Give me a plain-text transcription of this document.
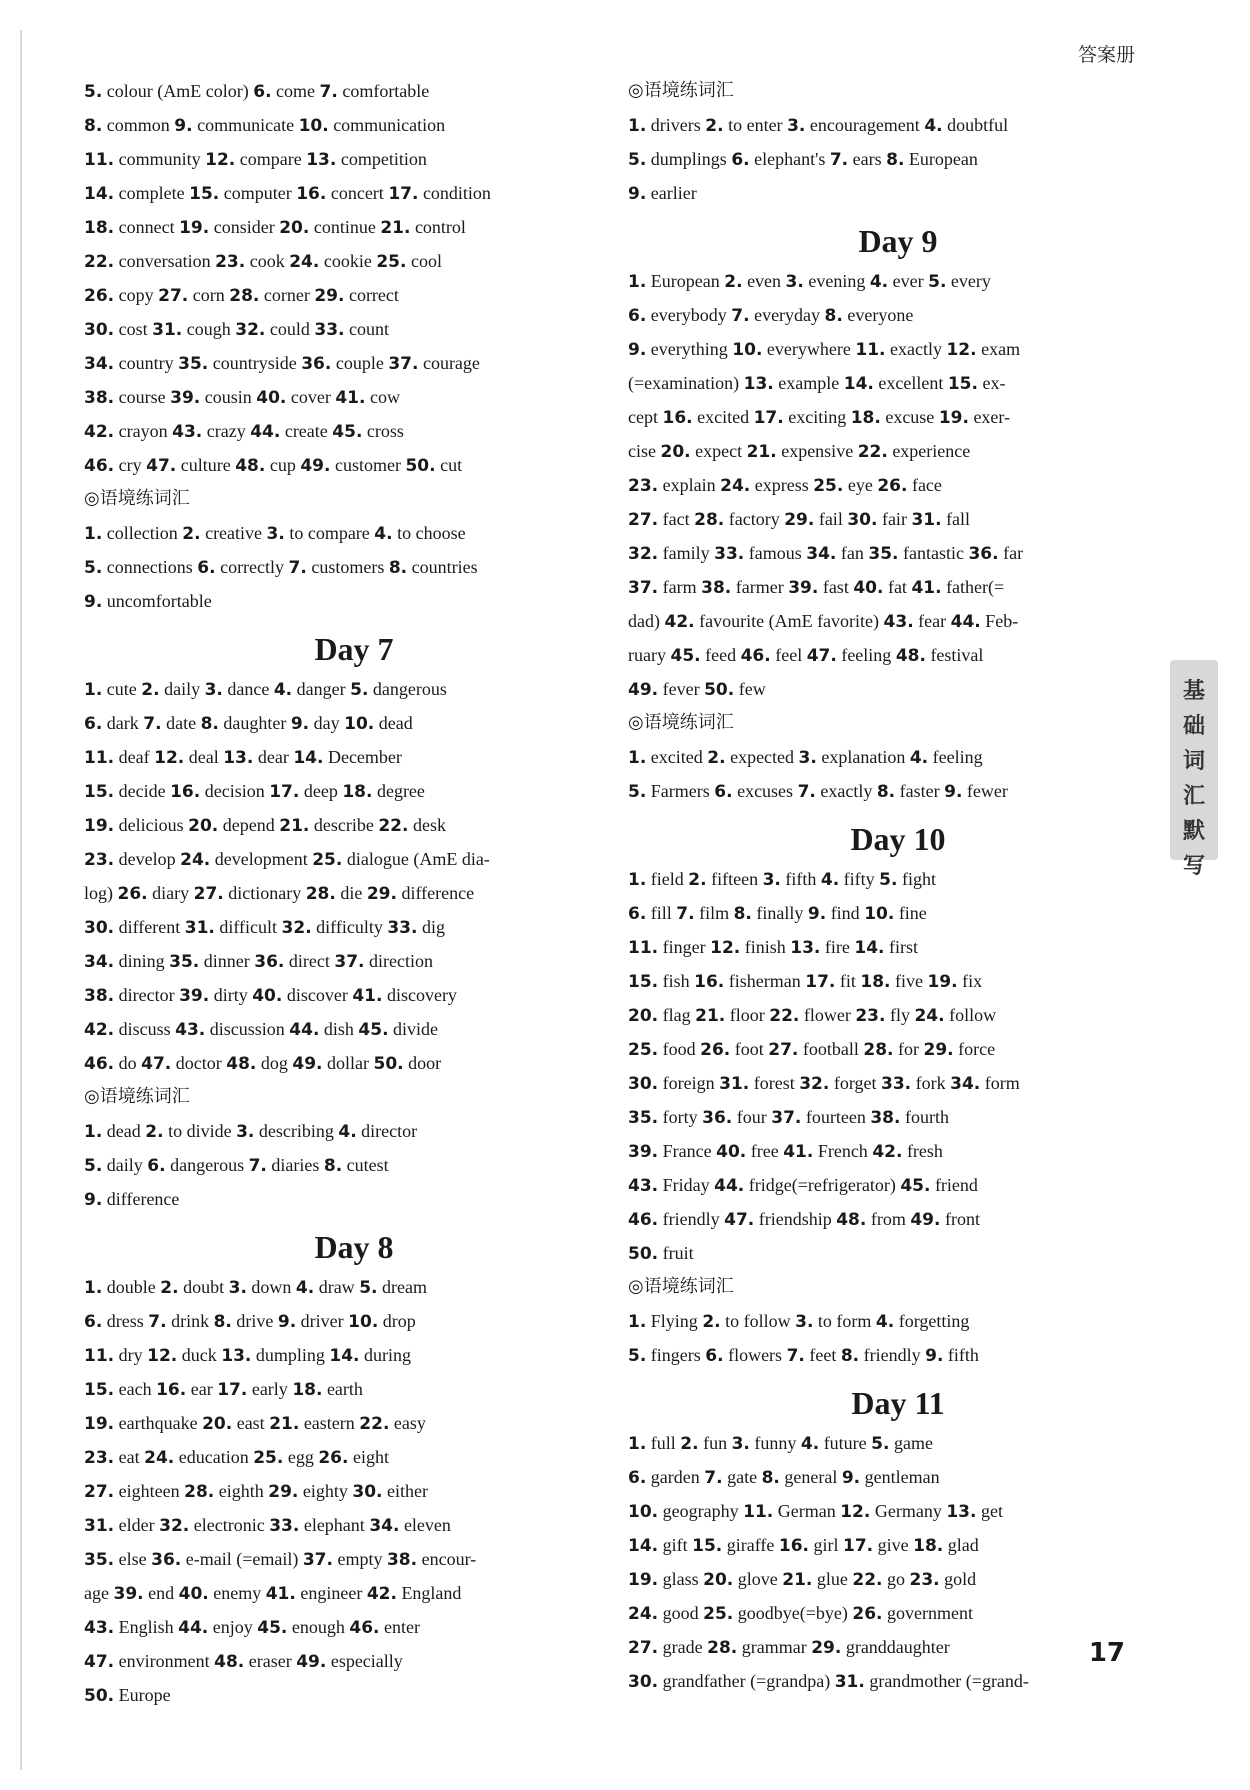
答案册
5. colour (AmE color) 6. come 7. comfortable
8. common 9. communicate 10. communication
11. community 12. compare 13. competition
14. complete 15. computer 16. concert 17. condition
18. connect 19. consider 20. continue 21. control
22. conversation 23. cook 24. cookie 25. cool
26. copy 27. corn 28. corner 29. correct
30. cost 31. cough 32. could 33. count
34. country 35. countryside 36. couple 37. courage
38. course 39. cousin 40. cover 41. cow
42. crayon 43. crazy 44. create 45. cross
46. cry 47. culture 48. cup 49. customer 50. cut
◎语境练词汇
1. collection 2. creative 3. to compare 4. to choose
5. connections 6. correctly 7. customers 8. countries
9. uncomfortable
Day 7
1. cute 2. daily 3. dance 4. danger 5. dangerous
6. dark 7. date 8. daughter 9. day 10. dead
11. deaf 12. deal 13. dear 14. December
15. decide 16. decision 17. deep 18. degree
19. delicious 20. depend 21. describe 22. desk
23. develop 24. development 25. dialogue (AmE dia-
log) 26. diary 27. dictionary 28. die 29. difference
30. different 31. difficult 32. difficulty 33. dig
34. dining 35. dinner 36. direct 37. direction
38. director 39. dirty 40. discover 41. discovery
42. discuss 43. discussion 44. dish 45. divide
46. do 47. doctor 48. dog 49. dollar 50. door
◎语境练词汇
1. dead 2. to divide 3. describing 4. director
5. daily 6. dangerous 7. diaries 8. cutest
9. difference
Day 8
1. double 2. doubt 3. down 4. draw 5. dream
6. dress 7. drink 8. drive 9. driver 10. drop
11. dry 12. duck 13. dumpling 14. during
15. each 16. ear 17. early 18. earth
19. earthquake 20. east 21. eastern 22. easy
23. eat 24. education 25. egg 26. eight
27. eighteen 28. eighth 29. eighty 30. either
31. elder 32. electronic 33. elephant 34. eleven
35. else 36. e-mail (=email) 37. empty 38. encour-
age 39. end 40. enemy 41. engineer 42. England
43. English 44. enjoy 45. enough 46. enter
47. environment 48. eraser 49. especially
50. Europe
◎语境练词汇
1. drivers 2. to enter 3. encouragement 4. doubtful
5. dumplings 6. elephant's 7. ears 8. European
9. earlier
Day 9
1. European 2. even 3. evening 4. ever 5. every
6. everybody 7. everyday 8. everyone
9. everything 10. everywhere 11. exactly 12. exam
(=examination) 13. example 14. excellent 15. ex-
cept 16. excited 17. exciting 18. excuse 19. exer-
cise 20. expect 21. expensive 22. experience
23. explain 24. express 25. eye 26. face
27. fact 28. factory 29. fail 30. fair 31. fall
32. family 33. famous 34. fan 35. fantastic 36. far
37. farm 38. farmer 39. fast 40. fat 41. father(=
dad) 42. favourite (AmE favorite) 43. fear 44. Feb-
ruary 45. feed 46. feel 47. feeling 48. festival
49. fever 50. few
◎语境练词汇
1. excited 2. expected 3. explanation 4. feeling
5. Farmers 6. excuses 7. exactly 8. faster 9. fewer
Day 10
1. field 2. fifteen 3. fifth 4. fifty 5. fight
6. fill 7. film 8. finally 9. find 10. fine
11. finger 12. finish 13. fire 14. first
15. fish 16. fisherman 17. fit 18. five 19. fix
20. flag 21. floor 22. flower 23. fly 24. follow
25. food 26. foot 27. football 28. for 29. force
30. foreign 31. forest 32. forget 33. fork 34. form
35. forty 36. four 37. fourteen 38. fourth
39. France 40. free 41. French 42. fresh
43. Friday 44. fridge(=refrigerator) 45. friend
46. friendly 47. friendship 48. from 49. front
50. fruit
◎语境练词汇
1. Flying 2. to follow 3. to form 4. forgetting
5. fingers 6. flowers 7. feet 8. friendly 9. fifth
Day 11
1. full 2. fun 3. funny 4. future 5. game
6. garden 7. gate 8. general 9. gentleman
10. geography 11. German 12. Germany 13. get
14. gift 15. giraffe 16. girl 17. give 18. glad
19. glass 20. glove 21. glue 22. go 23. gold
24. good 25. goodbye(=bye) 26. government
27. grade 28. grammar 29. granddaughter
30. grandfather (=grandpa) 31. grandmother (=grand-
基
础
词
汇
默
写
17
